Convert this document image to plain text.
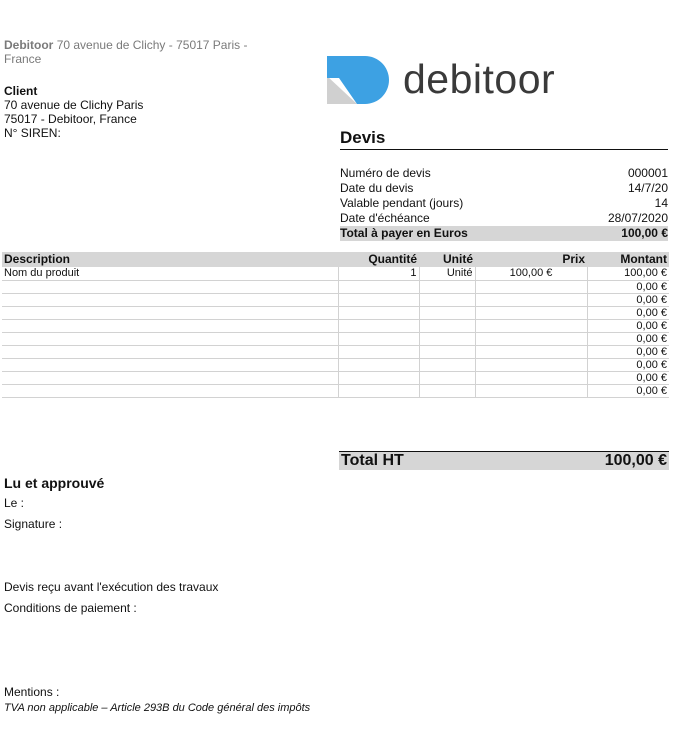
Debitoor 70 avenue de Clichy - 75017 Paris -
France
Client
70 avenue de Clichy Paris
75017 - Debitoor, France
N° SIREN:
debitoor
Devis
Numéro de devis	000001
Date du devis	14/7/20
Valable pendant (jours)	14
Date d'échéance	28/07/2020
Total à payer en Euros	100,00 €
Description	Quantité	Unité	Prix	Montant
Nom du produit	1	Unité	100,00 €	100,00 €
				0,00 €
				0,00 €
				0,00 €
				0,00 €
				0,00 €
				0,00 €
				0,00 €
				0,00 €
				0,00 €
Total HT	100,00 €
Lu et approuvé
Le :
Signature :
Devis reçu avant l'exécution des travaux
Conditions de paiement :
Mentions :
TVA non applicable – Article 293B du Code général des impôts
